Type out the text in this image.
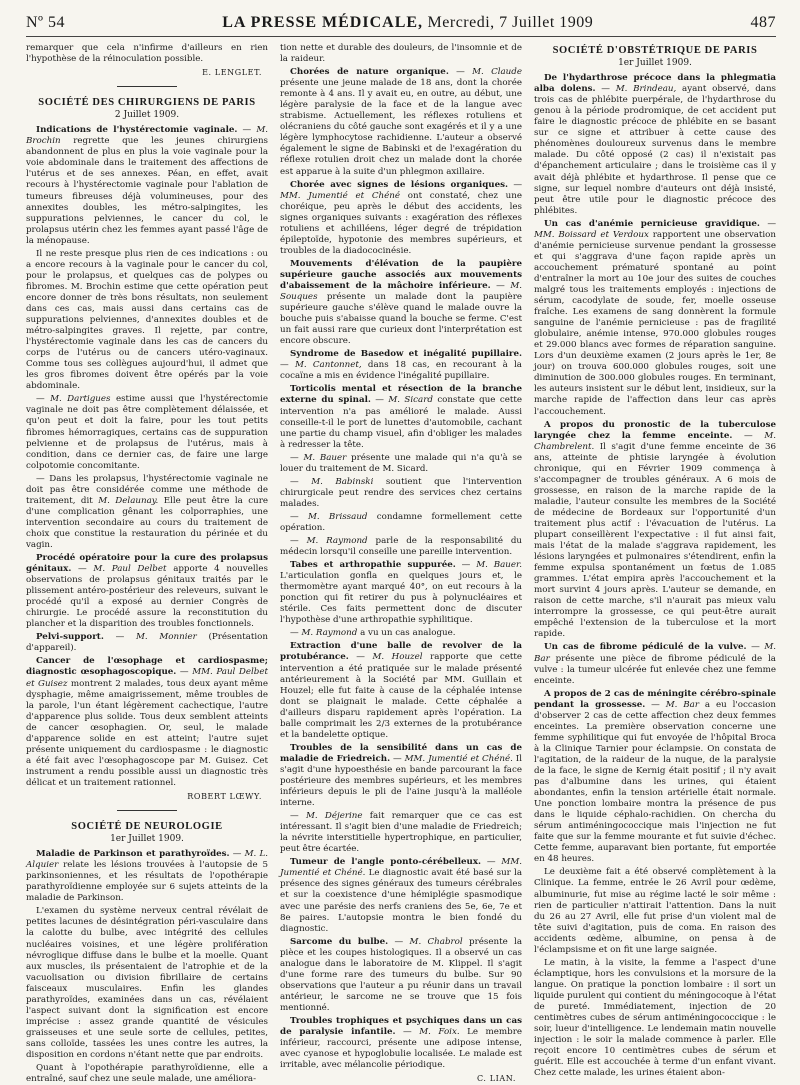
Nº 54	LA PRESSE MÉDICALE, Mercredi, 7 Juillet 1909	487

remarquer que cela n'infirme d'ailleurs en rien l'hypothèse de la réinoculation possible.

E. LENGLET.
SOCIÉTÉ DES CHIRURGIENS DE PARIS
2 Juillet 1909.

Indications de l'hystérectomie vaginale. — M. Brochin regrette que les jeunes chirurgiens abandonnent de plus en plus la voie vaginale pour la voie abdominale dans le traitement des affections de l'utérus et de ses annexes. Péan, en effet, avait recours à l'hystérectomie vaginale pour l'ablation de tumeurs fibreuses déjà volumineuses, pour des annexites doubles, les métro-salpingites, les suppurations pelviennes, le cancer du col, le prolapsus utérin chez les femmes ayant passé l'âge de la ménopause.

Il ne reste presque plus rien de ces indications : ou a encore recours à la vaginale pour le cancer du col, pour le prolapsus, et quelques cas de polypes ou fibromes. M. Brochin estime que cette opération peut encore donner de très bons résultats, non seulement dans ces cas, mais aussi dans certains cas de suppurations pelviennes, d'annexites doubles et de métro-salpingites graves. Il rejette, par contre, l'hystérectomie vaginale dans les cas de cancers du corps de l'utérus ou de cancers utéro-vaginaux. Comme tous ses collègues aujourd'hui, il admet que les gros fibromes doivent être opérés par la voie abdominale.

— M. Dartigues estime aussi que l'hystérectomie vaginale ne doit pas être complètement délaissée, et qu'on peut et doit la faire, pour les tout petits fibromes hémorragiques, certains cas de suppuration pelvienne et de prolapsus de l'utérus, mais à condition, dans ce dernier cas, de faire une large colpotomie concomitante.

— Dans les prolapsus, l'hystérectomie vaginale ne doit pas être considérée comme une méthode de traitement, dit M. Delaunay. Elle peut être la cure d'une complication gênant les colporraphies, une intervention secondaire au cours du traitement de choix que constitue la restauration du périnée et du vagin.

Procédé opératoire pour la cure des prolapsus génitaux. — M. Paul Delbet apporte 4 nouvelles observations de prolapsus génitaux traités par le plissement antéro-postérieur des releveurs, suivant le procédé qu'il a exposé au dernier Congrès de chirurgie. Le procédé assure la reconstitution du plancher et la disparition des troubles fonctionnels.

Pelvi-support. — M. Monnier (Présentation d'appareil).

Cancer de l'œsophage et cardiospasme; diagnostic œsophagoscopique. — MM. Paul Delbet et Guisez montrent 2 malades, tous deux ayant même dysphagie, même amaigrissement, même troubles de la parole, l'un étant légèrement cachectique, l'autre d'apparence plus solide. Tous deux semblent atteints de cancer œsophagien. Or, seul, le malade d'apparence solide en est atteint; l'autre sujet présente uniquement du cardiospasme : le diagnostic a été fait avec l'œsophagoscope par M. Guisez. Cet instrument a rendu possible aussi un diagnostic très délicat et un traitement rationnel.

ROBERT LŒWY.
SOCIÉTÉ DE NEUROLOGIE
1er Juillet 1909.

Maladie de Parkinson et parathyroïdes. — M. L. Alquier relate les lésions trouvées à l'autopsie de 5 parkinsoniennes, et les résultats de l'opothérapie parathyroïdienne employée sur 6 sujets atteints de la maladie de Parkinson.

L'examen du système nerveux central révélait de petites lacunes de désintégration péri-vasculaire dans la calotte du bulbe, avec intégrité des cellules nucléaires voisines, et une légère prolifération névroglique diffuse dans le bulbe et la moelle. Quant aux muscles, ils présentaient de l'atrophie et de la vacuolisation ou division fibrillaire de certains faisceaux musculaires. Enfin les glandes parathyroïdes, examinées dans un cas, révélaient l'aspect suivant dont la signification est encore imprécise : assez grande quantité de vésicules graisseuses et une seule sorte de cellules, petites, sans colloïde, tassées les unes contre les autres, la disposition en cordons n'étant nette que par endroits.

Quant à l'opothérapie parathyroïdienne, elle a entraîné, sauf chez une seule malade, une améliora-

tion nette et durable des douleurs, de l'insomnie et de la raideur.

Chorées de nature organique. — M. Claude présente une jeune malade de 18 ans, dont la chorée remonte à 4 ans. Il y avait eu, en outre, au début, une légère paralysie de la face et de la langue avec strabisme. Actuellement, les réflexes rotuliens et olécraniens du côté gauche sont exagérés et il y a une légère lymphocytose rachidienne. L'auteur a observé également le signe de Babinski et de l'exagération du réflexe rotulien droit chez un malade dont la chorée est apparue à la suite d'un phlegmon axillaire.

Chorée avec signes de lésions organiques. — MM. Jumentié et Chéné ont constaté, chez une choréique, peu après le début des accidents, les signes organiques suivants : exagération des réflexes rotuliens et achilléens, léger degré de trépidation épileptoïde, hypotonie des membres supérieurs, et troubles de la diadococinésie.

Mouvements d'élévation de la paupière supérieure gauche associés aux mouvements d'abaissement de la mâchoire inférieure. — M. Souques présente un malade dont la paupière supérieure gauche s'élève quand le malade ouvre la bouche puis s'abaisse quand la bouche se ferme. C'est un fait aussi rare que curieux dont l'interprétation est encore obscure.

Syndrome de Basedow et inégalité pupillaire. — M. Cantonnet, dans 18 cas, en recourant à la cocaïne a mis en évidence l'inégalité pupillaire.

Torticolis mental et résection de la branche externe du spinal. — M. Sicard constate que cette intervention n'a pas amélioré le malade. Aussi conseille-t-il le port de lunettes d'automobile, cachant une partie du champ visuel, afin d'obliger les malades à redresser la tête.

— M. Bauer présente une malade qui n'a qu'à se louer du traitement de M. Sicard.

— M. Babinski soutient que l'intervention chirurgicale peut rendre des services chez certains malades.

— M. Brissaud condamne formellement cette opération.

— M. Raymond parle de la responsabilité du médecin lorsqu'il conseille une pareille intervention.

Tabes et arthropathie suppurée. — M. Bauer. L'articulation gonfla en quelques jours et, le thermomètre ayant marqué 40°, on eut recours à la ponction qui fit retirer du pus à polynucléaires et stérile. Ces faits permettent donc de discuter l'hypothèse d'une arthropathie syphilitique.

— M. Raymond a vu un cas analogue.

Extraction d'une balle de revolver de la protubérance. — M. Houzel rapporte que cette intervention a été pratiquée sur le malade présenté antérieurement à la Société par MM. Guillain et Houzel; elle fut faite à cause de la céphalée intense dont se plaignait le malade. Cette céphalée a d'ailleurs disparu rapidement après l'opération. La balle comprimait les 2/3 externes de la protubérance et la bandelette optique.

Troubles de la sensibilité dans un cas de maladie de Friedreich. — MM. Jumentié et Chéné. Il s'agit d'une hypoesthésie en bande parcourant la face postérieure des membres supérieurs, et les membres inférieurs depuis le pli de l'aine jusqu'à la malléole interne.

— M. Déjerine fait remarquer que ce cas est intéressant. Il s'agit bien d'une maladie de Friedreich; la névrite interstitielle hypertrophique, en particulier, peut être écartée.

Tumeur de l'angle ponto-cérébelleux. — MM. Jumentié et Chéné. Le diagnostic avait été basé sur la présence des signes généraux des tumeurs cérébrales et sur la coexistence d'une hémiplégie spasmodique avec une parésie des nerfs craniens des 5e, 6e, 7e et 8e paires. L'autopsie montra le bien fondé du diagnostic.

Sarcome du bulbe. — M. Chabrol présente la pièce et les coupes histologiques. Il a observé un cas analogue dans le laboratoire de M. Klippel. Il s'agit d'une forme rare des tumeurs du bulbe. Sur 90 observations que l'auteur a pu réunir dans un travail antérieur, le sarcome ne se trouve que 15 fois mentionné.

Troubles trophiques et psychiques dans un cas de paralysie infantile. — M. Foix. Le membre inférieur, raccourci, présente une adipose intense, avec cyanose et hypoglobulie localisée. Le malade est irritable, avec mélancolie périodique.

C. LIAN.
SOCIÉTÉ D'OBSTÉTRIQUE DE PARIS
1er Juillet 1909.

De l'hydarthrose précoce dans la phlegmatia alba dolens. — M. Brindeau, ayant observé, dans trois cas de phlébite puerpérale, de l'hydarthrose du genou à la période prodromique, de cet accident put faire le diagnostic précoce de phlébite en se basant sur ce signe et attribuer à cette cause des phénomènes douloureux survenus dans le membre malade. Du côté opposé (2 cas) il n'existait pas d'épanchement articulaire ; dans le troisième cas il y avait déjà phlébite et hydarthrose. Il pense que ce signe, sur lequel nombre d'auteurs ont déjà insisté, peut être utile pour le diagnostic précoce des phlébites.

Un cas d'anémie pernicieuse gravidique. — MM. Boissard et Verdoux rapportent une observation d'anémie pernicieuse survenue pendant la grossesse et qui s'aggrava d'une façon rapide après un accouchement prématuré spontané au point d'entraîner la mort au 10e jour des suites de couches malgré tous les traitements employés : injections de sérum, cacodylate de soude, fer, moelle osseuse fraîche. Les examens de sang donnèrent la formule sanguine de l'anémie pernicieuse : pas de fragilité globulaire, anémie intense, 970.000 globules rouges et 29.000 blancs avec formes de réparation sanguine. Lors d'un deuxième examen (2 jours après le 1er, 8e jour) on trouva 600.000 globules rouges, soit une diminution de 300.000 globules rouges. En terminant, les auteurs insistent sur le début lent, insidieux, sur la marche rapide de l'affection dans leur cas après l'accouchement.

A propos du pronostic de la tuberculose laryngée chez la femme enceinte. — M. Chambrelent. Il s'agit d'une femme enceinte de 36 ans, atteinte de phtisie laryngée à évolution chronique, qui en Février 1909 commença à s'accompagner de troubles généraux. A 6 mois de grossesse, en raison de la marche rapide de la maladie, l'auteur consulte les membres de la Société de médecine de Bordeaux sur l'opportunité d'un traitement plus actif : l'évacuation de l'utérus. La plupart conseillèrent l'expectative : il fut ainsi fait, mais l'état de la malade s'aggrava rapidement, les lésions laryngées et pulmonaires s'étendirent, enfin la femme expulsa spontanément un fœtus de 1.085 grammes. L'état empira après l'accouchement et la mort survint 4 jours après. L'auteur se demande, en raison de cette marche, s'il n'aurait pas mieux valu interrompre la grossesse, ce qui peut-être aurait empêché l'extension de la tuberculose et la mort rapide.

Un cas de fibrome pédiculé de la vulve. — M. Bar présente une pièce de fibrome pédiculé de la vulve : la tumeur ulcérée fut enlevée chez une femme enceinte.

A propos de 2 cas de méningite cérébro-spinale pendant la grossesse. — M. Bar a eu l'occasion d'observer 2 cas de cette affection chez deux femmes enceintes. La première observation concerne une femme syphilitique qui fut envoyée de l'hôpital Broca à la Clinique Tarnier pour éclampsie. On constata de l'agitation, de la raideur de la nuque, de la paralysie de la face, le signe de Kernig était positif ; il n'y avait pas d'albumine dans les urines, qui étaient abondantes, enfin la tension artérielle était normale. Une ponction lombaire montra la présence de pus dans le liquide céphalo-rachidien. On chercha du sérum antiméningococcique mais l'injection ne fut faite que sur la femme mourante et fut suivie d'échec. Cette femme, auparavant bien portante, fut emportée en 48 heures.

Le deuxième fait a été observé complètement à la Clinique. La femme, entrée le 26 Avril pour œdème, albuminurie, fut mise au régime lacté le soir même : rien de particulier n'attirait l'attention. Dans la nuit du 26 au 27 Avril, elle fut prise d'un violent mal de tête suivi d'agitation, puis de coma. En raison des accidents œdème, albumine, on pensa à de l'éclampsisme et on fit une large saignée.

Le matin, à la visite, la femme a l'aspect d'une éclamptique, hors les convulsions et la morsure de la langue. On pratique la ponction lombaire : il sort un liquide purulent qui contient du méningocoque à l'état de pureté. Immédiatement, injection de 20 centimètres cubes de sérum antiméningococcique : le soir, lueur d'intelligence. Le lendemain matin nouvelle injection : le soir la malade commence à parler. Elle reçoit encore 10 centimètres cubes de sérum et guérit. Elle est accouchée à terme d'un enfant vivant. Chez cette malade, les urines étaient abon-
